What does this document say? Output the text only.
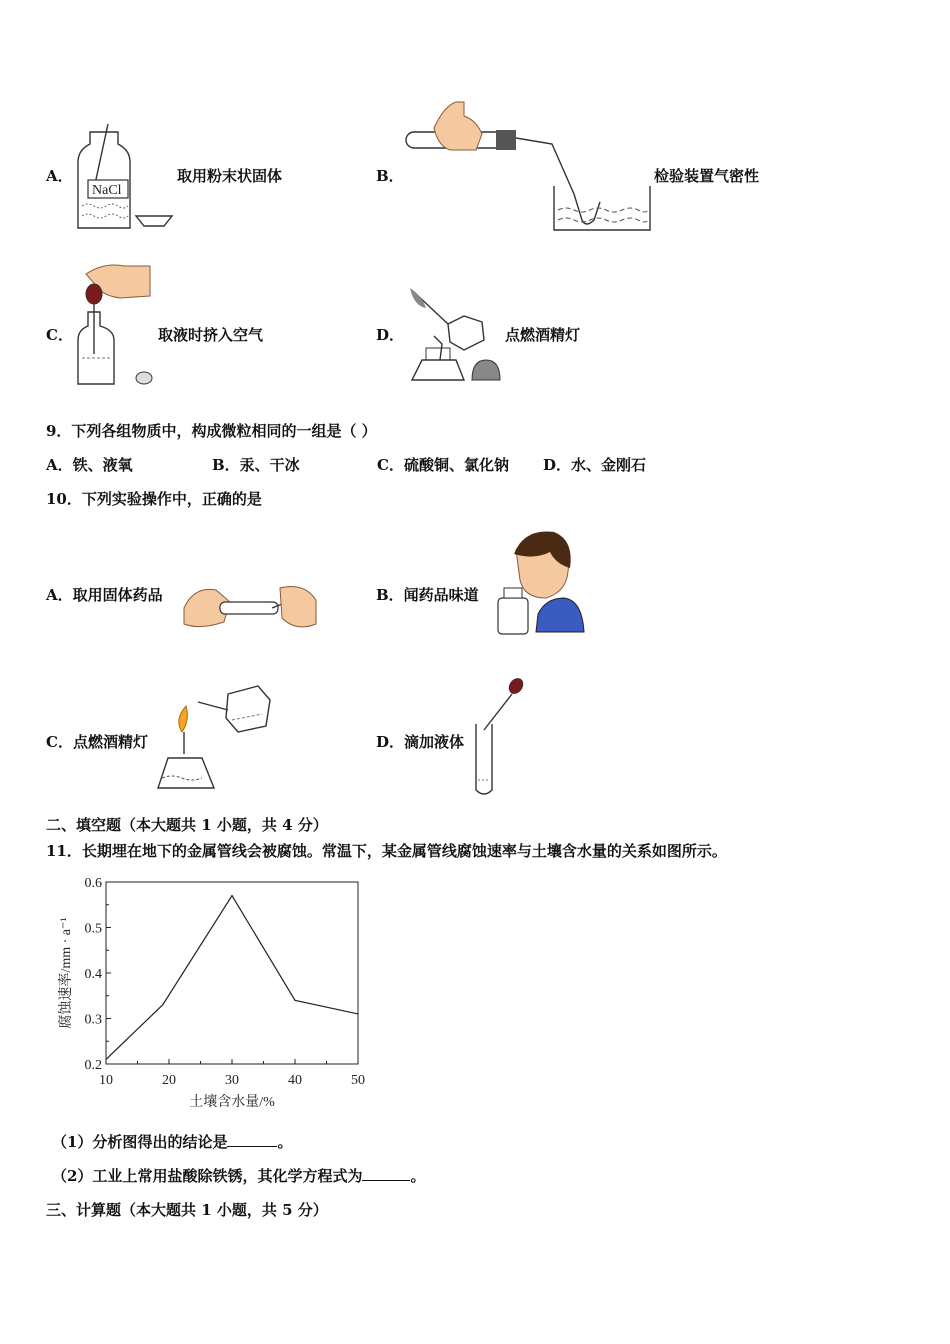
A．
NaCl
取用粉末状固体	B．	检验装置气密性
C．	取液时挤入空气	D．	点燃酒精灯
9．下列各组物质中，构成微粒相同的一组是（ ）
A．铁、液氧	B．汞、干冰	C．硫酸铜、氯化钠 D．水、金刚石
10．下列实验操作中，正确的是
A．取用固体药品	B．闻药品味道
C．点燃酒精灯	D．滴加液体
二、填空题（本大题共 1 小题，共 4 分）
11．长期埋在地下的金属管线会被腐蚀。常温下，某金属管线腐蚀速率与土壤含水量的关系如图所示。
0.2
0.3
0.4
0.5
0.6
10	20	30	40	50
土壤含水量/%
腐蚀速率/mm · a⁻¹
（1）分析图得出的结论是	。
（2）工业上常用盐酸除铁锈，其化学方程式为	。
三、计算题（本大题共 1 小题，共 5 分）
